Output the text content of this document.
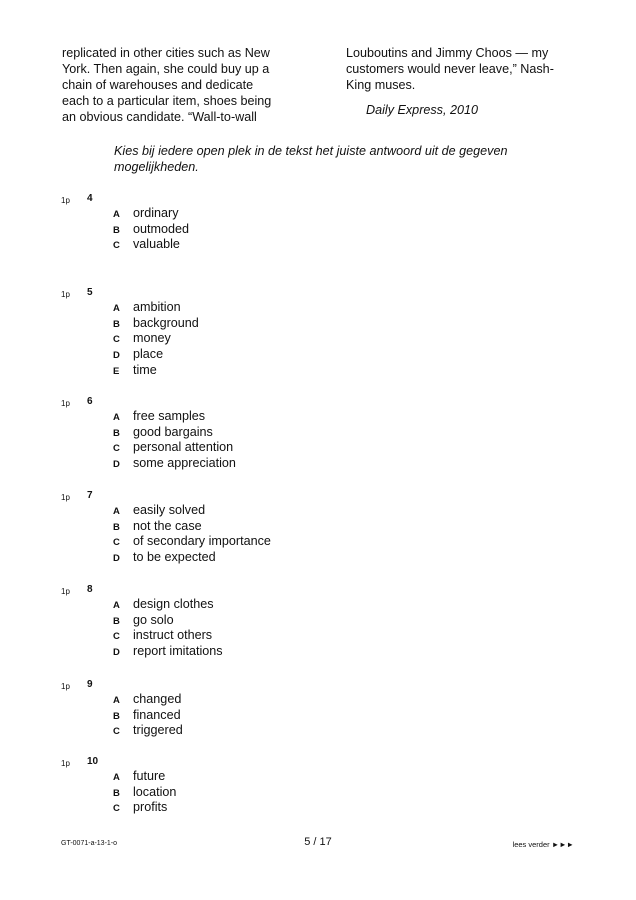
replicated in other cities such as New

York. Then again, she could buy up a

chain of warehouses and dedicate

each to a particular item, shoes being

an obvious candidate. “Wall-to-wall

Louboutins and Jimmy Choos — my

customers would never leave,” Nash-

King muses.

Daily Express, 2010

Kies bij iedere open plek in de tekst het juiste antwoord uit de gegeven
mogelijkheden.
1p 4
A ordinary
B outmoded
C valuable
1p 5
A ambition
B background
C money
D place
E time
1p 6
A free samples
B good bargains
C personal attention
D some appreciation
1p 7
A easily solved
B not the case
C of secondary importance
D to be expected
1p 8
A design clothes
B go solo
C instruct others
D report imitations
1p 9
A changed
B financed
C triggered
1p 10
A future
B location
C profits
GT-0071-a-13-1-o	5 / 17	lees verder ►►►
